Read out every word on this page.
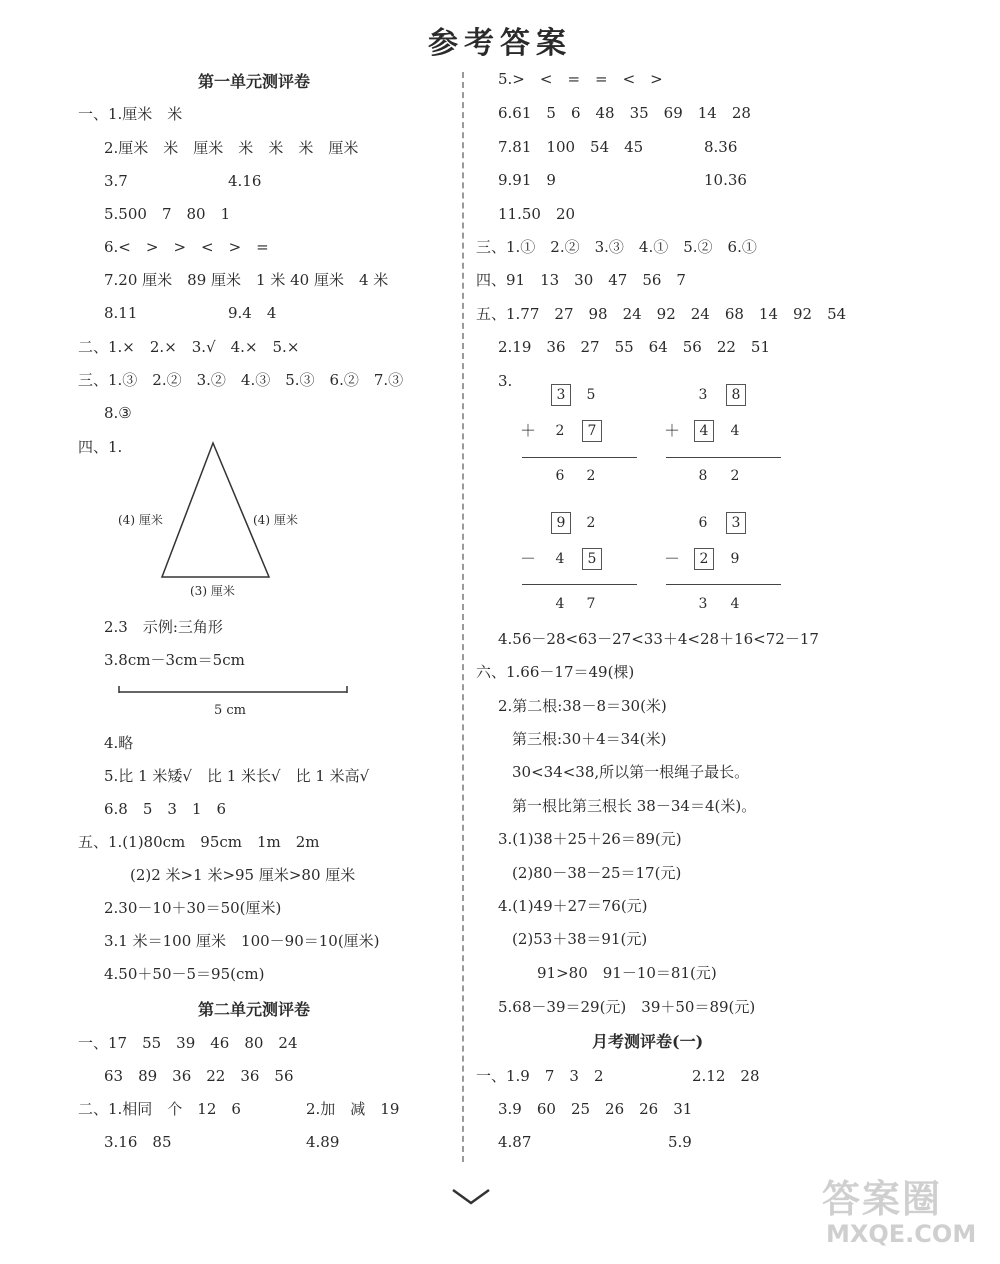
参考答案
第一单元测评卷
一、1.厘米　米
2.厘米　米　厘米　米　米　米　厘米
3.7	4.16
5.500　7　80　1
6.<　>　>　<　>　=
7.20 厘米　89 厘米　1 米 40 厘米　4 米
8.11	9.4　4
二、1.×　2.×　3.√　4.×　5.×
三、1.③　2.②　3.②　4.③　5.③　6.②　7.③
8.③
四、1.
(4) 厘米	(4) 厘米
(3) 厘米
2.3　示例:三角形
3.8cm－3cm＝5cm
5 cm
4.略
5.比 1 米矮√　比 1 米长√　比 1 米高√
6.8　5　3　1　6
五、1.(1)80cm　95cm　1m　2m
(2)2 米>1 米>95 厘米>80 厘米
2.30－10＋30＝50(厘米)
3.1 米＝100 厘米　100－90＝10(厘米)
4.50＋50－5＝95(cm)
第二单元测评卷
一、17　55　39　46　80　24
63　89　36　22　36　56
二、1.相同　个　12　6	2.加　减　19
3.16　85	4.89
5.>　<　=　=　<　>
6.61　5　6　48　35　69　14　28
7.81　100　54　45	8.36
9.91　9	10.36
11.50　20
三、1.①　2.②　3.③　4.①　5.②　6.①
四、91　13　30　47　56　7
五、1.77　27　98　24　92　24　68　14　92　54
2.19　36　27　55　64　56　22　51
3.
3	5
＋	2	7
6	2
3	8
＋	4	4
8	2
9	2
－	4	5
4	7
6	3
－	2	9
3	4
4.56－28<63－27<33＋4<28＋16<72－17
六、1.66－17＝49(棵)
2.第二根:38－8＝30(米)
第三根:30＋4＝34(米)
30<34<38,所以第一根绳子最长。
第一根比第三根长 38－34＝4(米)。
3.(1)38＋25＋26＝89(元)
(2)80－38－25＝17(元)
4.(1)49＋27＝76(元)
(2)53＋38＝91(元)
91>80　91－10＝81(元)
5.68－39＝29(元)　39＋50＝89(元)
月考测评卷(一)
一、1.9　7　3　2	2.12　28
3.9　60　25　26　26　31
4.87	5.9
答案圈
MXQE.COM
